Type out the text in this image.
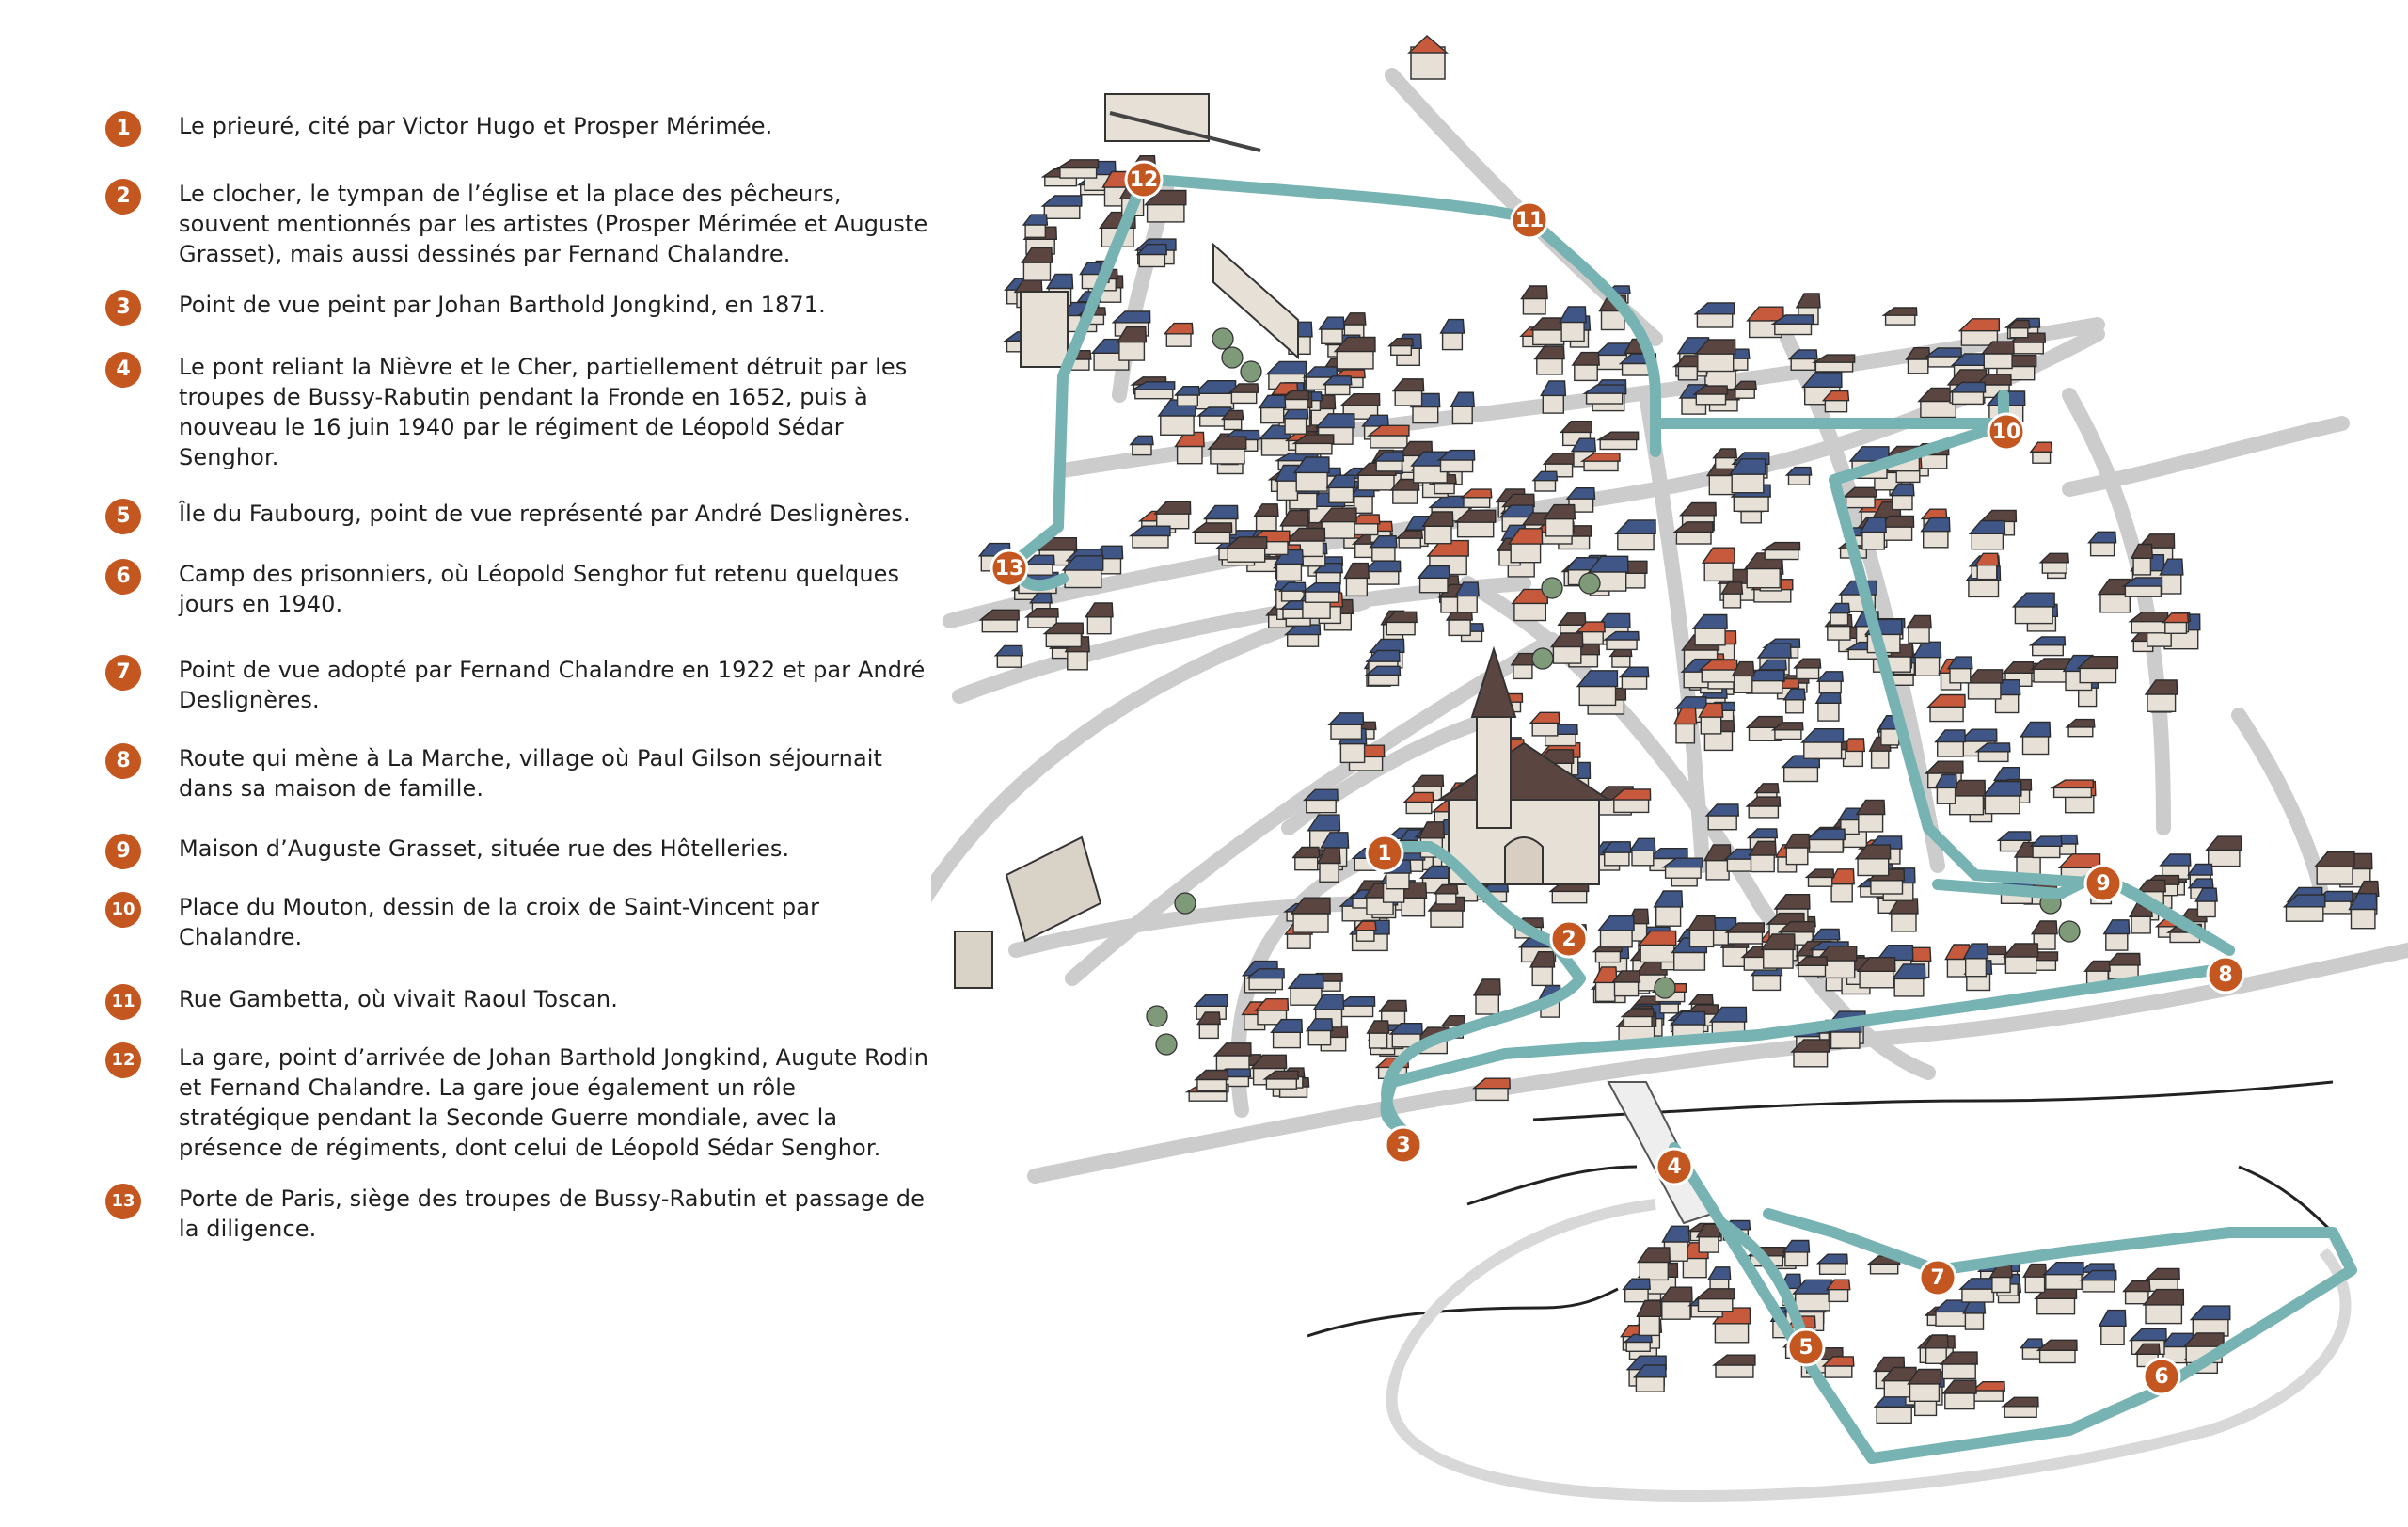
1	Le prieuré, cité par Victor Hugo et Prosper Mérimée.
2	Le clocher, le tympan de l’église et la place des pêcheurs, souvent mentionnés par les artistes (Prosper Mérimée et Auguste Grasset), mais aussi dessinés par Fernand Chalandre.
3	Point de vue peint par Johan Barthold Jongkind, en 1871.
4	Le pont reliant la Nièvre et le Cher, partiellement détruit par les troupes de Bussy-Rabutin pendant la Fronde en 1652, puis à nouveau le 16 juin 1940 par le régiment de Léopold Sédar Senghor.
5	Île du Faubourg, point de vue représenté par André Deslignères.
6	Camp des prisonniers, où Léopold Senghor fut retenu quelques jours en 1940.
7	Point de vue adopté par Fernand Chalandre en 1922 et par André Deslignères.
8	Route qui mène à La Marche, village où Paul Gilson séjournait dans sa maison de famille.
9	Maison d’Auguste Grasset, située rue des Hôtelleries.
10 Place du Mouton, dessin de la croix de Saint-Vincent par Chalandre.
11 Rue Gambetta, où vivait Raoul Toscan.
12 La gare, point d’arrivée de Johan Barthold Jongkind, Augute Rodin et Fernand Chalandre. La gare joue également un rôle stratégique pendant la Seconde Guerre mondiale, avec la présence de régiments, dont celui de Léopold Sédar Senghor.
13 Porte de Paris, siège des troupes de Bussy-Rabutin et passage de la diligence.
1
2
3
4
5
6
7
8
9
10
11
12
13
